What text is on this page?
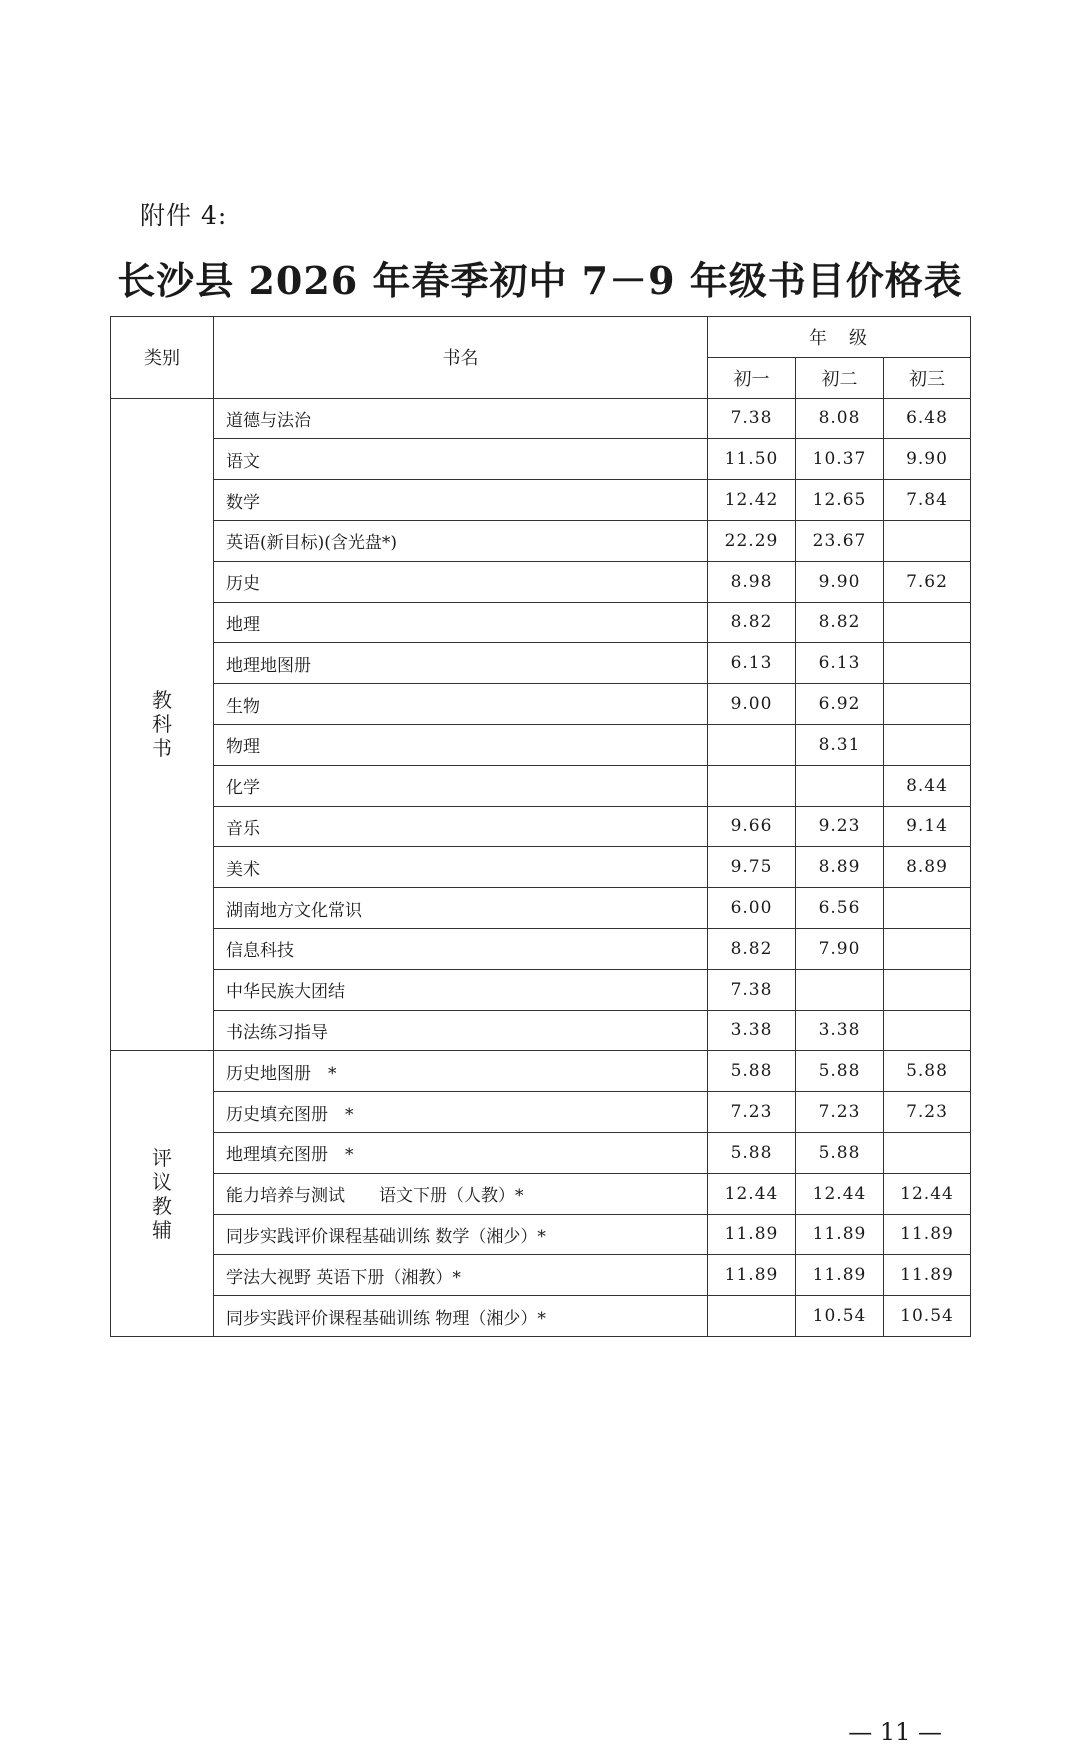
附件 4:
长沙县 2026 年春季初中 7－9 年级书目价格表
类别	书名	年　级		
		初一	初二	初三

教
科
书	道德与法治	7.38	8.08	6.48
	语文	11.50	10.37	9.90
	数学	12.42	12.65	7.84
	英语(新目标)(含光盘*)	22.29	23.67	
	历史	8.98	9.90	7.62
	地理	8.82	8.82	
	地理地图册	6.13	6.13	
	生物	9.00	6.92	
	物理		8.31	
	化学			8.44
	音乐	9.66	9.23	9.14
	美术	9.75	8.89	8.89
	湖南地方文化常识	6.00	6.56	
	信息科技	8.82	7.90	
	中华民族大团结	7.38		
	书法练习指导	3.38	3.38	

评
议
教
辅	历史地图册　*	5.88	5.88	5.88
	历史填充图册　*	7.23	7.23	7.23
	地理填充图册　*	5.88	5.88	
	能力培养与测试　　语文下册（人教）*	12.44	12.44	12.44
	同步实践评价课程基础训练 数学（湘少）*	11.89	11.89	11.89
	学法大视野 英语下册（湘教）*	11.89	11.89	11.89
	同步实践评价课程基础训练 物理（湘少）*		10.54	10.54
— 11 —
